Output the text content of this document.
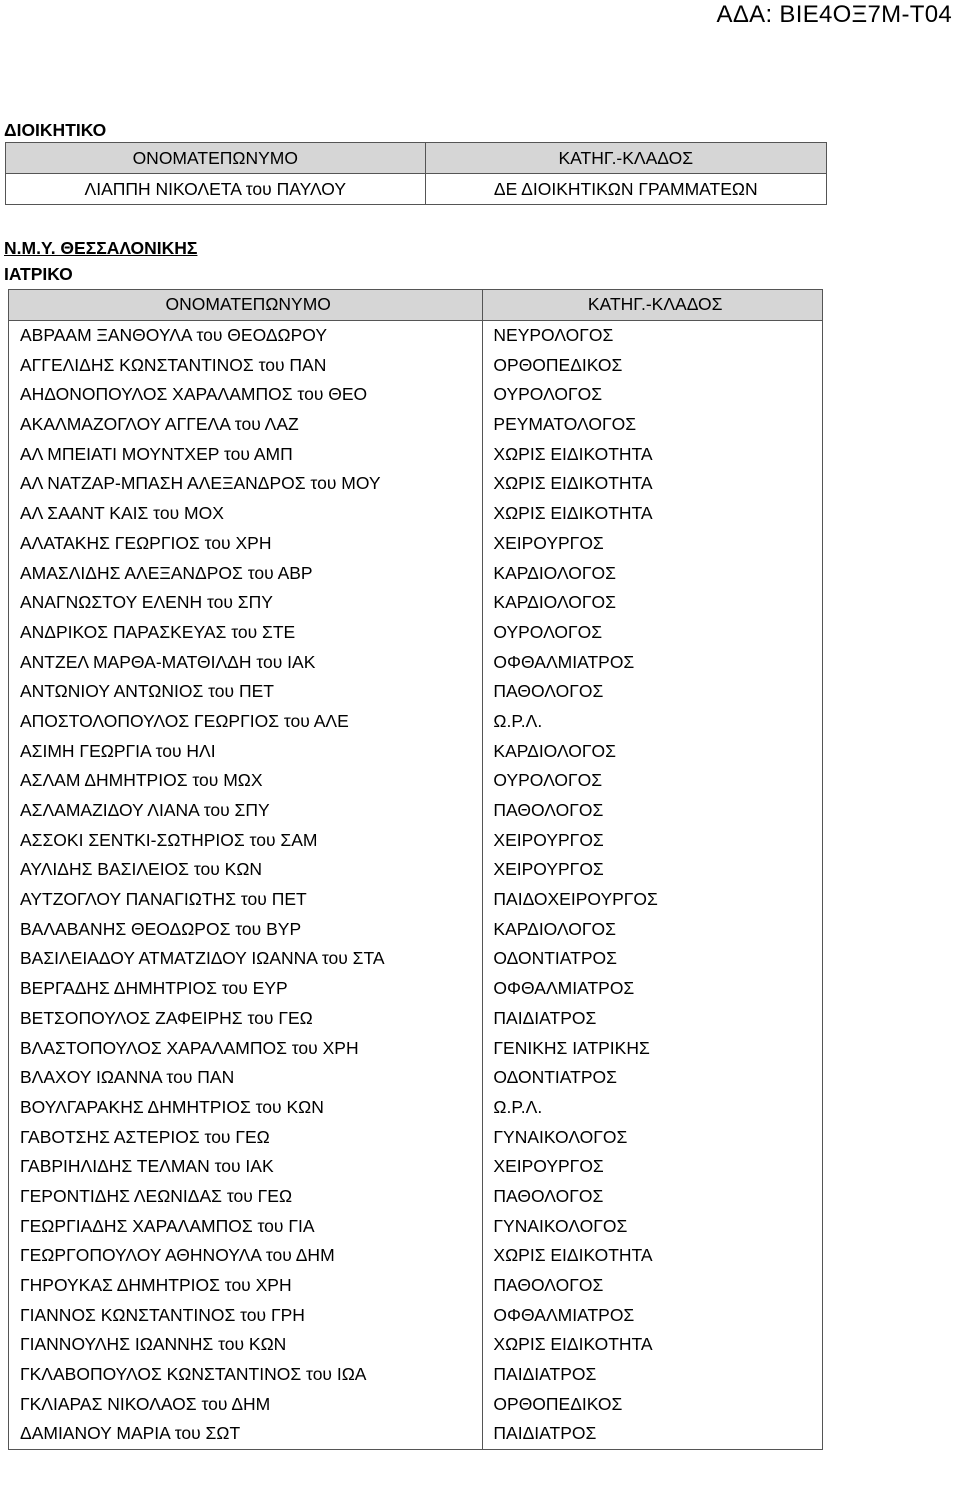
ΑΔΑ: ΒΙΕ4ΟΞ7Μ-Τ04
ΔΙΟΙΚΗΤΙΚΟ
ΟΝΟΜΑΤΕΠΩΝΥΜΟ	ΚΑΤΗΓ.-ΚΛΑΔΟΣ
ΛΙΑΠΠΗ ΝΙΚΟΛΕΤΑ του ΠΑΥΛΟΥ	ΔΕ ΔΙΟΙΚΗΤΙΚΩΝ ΓΡΑΜΜΑΤΕΩΝ
Ν.Μ.Υ. ΘΕΣΣΑΛΟΝΙΚΗΣ
ΙΑΤΡΙΚΟ
ΟΝΟΜΑΤΕΠΩΝΥΜΟ	ΚΑΤΗΓ.-ΚΛΑΔΟΣ
ΑΒΡΑΑΜ ΞΑΝΘΟΥΛΑ του ΘΕΟΔΩΡΟΥ	ΝΕΥΡΟΛΟΓΟΣ
ΑΓΓΕΛΙΔΗΣ ΚΩΝΣΤΑΝΤΙΝΟΣ του ΠΑΝ	ΟΡΘΟΠΕΔΙΚΟΣ
ΑΗΔΟΝΟΠΟΥΛΟΣ ΧΑΡΑΛΑΜΠΟΣ του ΘΕΟ	ΟΥΡΟΛΟΓΟΣ
ΑΚΑΛΜΑΖΟΓΛΟΥ ΑΓΓΕΛΑ του ΛΑΖ	ΡΕΥΜΑΤΟΛΟΓΟΣ
ΑΛ ΜΠΕΙΑΤΙ ΜΟΥΝΤΧΕΡ του ΑΜΠ	ΧΩΡΙΣ ΕΙΔΙΚΟΤΗΤΑ
ΑΛ ΝΑΤΖΑΡ-ΜΠΑΣΗ ΑΛΕΞΑΝΔΡΟΣ του ΜΟΥ	ΧΩΡΙΣ ΕΙΔΙΚΟΤΗΤΑ
ΑΛ ΣΑΑΝΤ ΚΑΙΣ του ΜΟΧ	ΧΩΡΙΣ ΕΙΔΙΚΟΤΗΤΑ
ΑΛΑΤΑΚΗΣ ΓΕΩΡΓΙΟΣ του ΧΡΗ	ΧΕΙΡΟΥΡΓΟΣ
ΑΜΑΣΛΙΔΗΣ ΑΛΕΞΑΝΔΡΟΣ του ΑΒΡ	ΚΑΡΔΙΟΛΟΓΟΣ
ΑΝΑΓΝΩΣΤΟΥ ΕΛΕΝΗ του ΣΠΥ	ΚΑΡΔΙΟΛΟΓΟΣ
ΑΝΔΡΙΚΟΣ ΠΑΡΑΣΚΕΥΑΣ του ΣΤΕ	ΟΥΡΟΛΟΓΟΣ
ΑΝΤΖΕΛ ΜΑΡΘΑ-ΜΑΤΘΙΛΔΗ του ΙΑΚ	ΟΦΘΑΛΜΙΑΤΡΟΣ
ΑΝΤΩΝΙΟΥ ΑΝΤΩΝΙΟΣ του ΠΕΤ	ΠΑΘΟΛΟΓΟΣ
ΑΠΟΣΤΟΛΟΠΟΥΛΟΣ ΓΕΩΡΓΙΟΣ του ΑΛΕ	Ω.Ρ.Λ.
ΑΣΙΜΗ ΓΕΩΡΓΙΑ του ΗΛΙ	ΚΑΡΔΙΟΛΟΓΟΣ
ΑΣΛΑΜ ΔΗΜΗΤΡΙΟΣ του ΜΩΧ	ΟΥΡΟΛΟΓΟΣ
ΑΣΛΑΜΑΖΙΔΟΥ ΛΙΑΝΑ του ΣΠΥ	ΠΑΘΟΛΟΓΟΣ
ΑΣΣΟΚΙ ΣΕΝΤΚΙ-ΣΩΤΗΡΙΟΣ του ΣΑΜ	ΧΕΙΡΟΥΡΓΟΣ
ΑΥΛΙΔΗΣ ΒΑΣΙΛΕΙΟΣ του ΚΩΝ	ΧΕΙΡΟΥΡΓΟΣ
ΑΥΤΖΟΓΛΟΥ ΠΑΝΑΓΙΩΤΗΣ του ΠΕΤ	ΠΑΙΔΟΧΕΙΡΟΥΡΓΟΣ
ΒΑΛΑΒΑΝΗΣ ΘΕΟΔΩΡΟΣ του ΒΥΡ	ΚΑΡΔΙΟΛΟΓΟΣ
ΒΑΣΙΛΕΙΑΔΟΥ ΑΤΜΑΤΖΙΔΟΥ ΙΩΑΝΝΑ του ΣΤΑ	ΟΔΟΝΤΙΑΤΡΟΣ
ΒΕΡΓΑΔΗΣ ΔΗΜΗΤΡΙΟΣ του ΕΥΡ	ΟΦΘΑΛΜΙΑΤΡΟΣ
ΒΕΤΣΟΠΟΥΛΟΣ ΖΑΦΕΙΡΗΣ του ΓΕΩ	ΠΑΙΔΙΑΤΡΟΣ
ΒΛΑΣΤΟΠΟΥΛΟΣ ΧΑΡΑΛΑΜΠΟΣ του ΧΡΗ	ΓΕΝΙΚΗΣ ΙΑΤΡΙΚΗΣ
ΒΛΑΧΟΥ ΙΩΑΝΝΑ του ΠΑΝ	ΟΔΟΝΤΙΑΤΡΟΣ
ΒΟΥΛΓΑΡΑΚΗΣ ΔΗΜΗΤΡΙΟΣ του ΚΩΝ	Ω.Ρ.Λ.
ΓΑΒΟΤΣΗΣ ΑΣΤΕΡΙΟΣ του ΓΕΩ	ΓΥΝΑΙΚΟΛΟΓΟΣ
ΓΑΒΡΙΗΛΙΔΗΣ ΤΕΛΜΑΝ του ΙΑΚ	ΧΕΙΡΟΥΡΓΟΣ
ΓΕΡΟΝΤΙΔΗΣ ΛΕΩΝΙΔΑΣ του ΓΕΩ	ΠΑΘΟΛΟΓΟΣ
ΓΕΩΡΓΙΑΔΗΣ ΧΑΡΑΛΑΜΠΟΣ του ΓΙΑ	ΓΥΝΑΙΚΟΛΟΓΟΣ
ΓΕΩΡΓΟΠΟΥΛΟΥ ΑΘΗΝΟΥΛΑ του ΔΗΜ	ΧΩΡΙΣ ΕΙΔΙΚΟΤΗΤΑ
ΓΗΡΟΥΚΑΣ ΔΗΜΗΤΡΙΟΣ του ΧΡΗ	ΠΑΘΟΛΟΓΟΣ
ΓΙΑΝΝΟΣ ΚΩΝΣΤΑΝΤΙΝΟΣ του ΓΡΗ	ΟΦΘΑΛΜΙΑΤΡΟΣ
ΓΙΑΝΝΟΥΛΗΣ ΙΩΑΝΝΗΣ του ΚΩΝ	ΧΩΡΙΣ ΕΙΔΙΚΟΤΗΤΑ
ΓΚΛΑΒΟΠΟΥΛΟΣ ΚΩΝΣΤΑΝΤΙΝΟΣ του ΙΩΑ	ΠΑΙΔΙΑΤΡΟΣ
ΓΚΛΙΑΡΑΣ ΝΙΚΟΛΑΟΣ του ΔΗΜ	ΟΡΘΟΠΕΔΙΚΟΣ
ΔΑΜΙΑΝΟΥ ΜΑΡΙΑ του ΣΩΤ	ΠΑΙΔΙΑΤΡΟΣ
